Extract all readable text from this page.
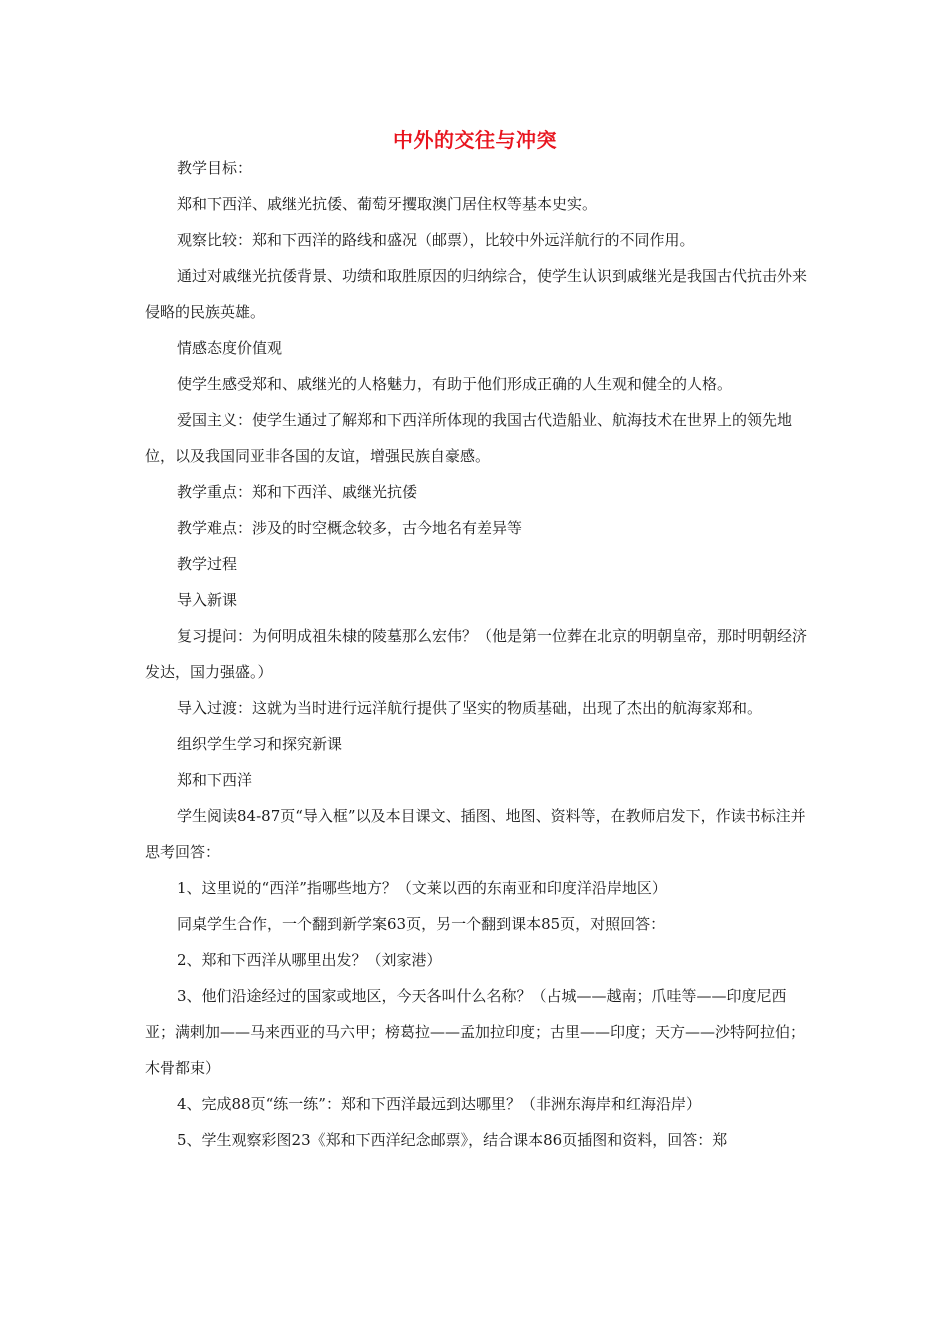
中外的交往与冲突

教学目标：

郑和下西洋、戚继光抗倭、葡萄牙攫取澳门居住权等基本史实。

观察比较：郑和下西洋的路线和盛况（邮票），比较中外远洋航行的不同作用。

通过对戚继光抗倭背景、功绩和取胜原因的归纳综合，使学生认识到戚继光是我国古代抗击外来侵略的民族英雄。

情感态度价值观

使学生感受郑和、戚继光的人格魅力，有助于他们形成正确的人生观和健全的人格。

爱国主义：使学生通过了解郑和下西洋所体现的我国古代造船业、航海技术在世界上的领先地位，以及我国同亚非各国的友谊，增强民族自豪感。

教学重点：郑和下西洋、戚继光抗倭

教学难点：涉及的时空概念较多，古今地名有差异等

教学过程

导入新课

复习提问：为何明成祖朱棣的陵墓那么宏伟？（他是第一位葬在北京的明朝皇帝，那时明朝经济发达，国力强盛。）

导入过渡：这就为当时进行远洋航行提供了坚实的物质基础，出现了杰出的航海家郑和。

组织学生学习和探究新课

郑和下西洋

学生阅读84-87页“导入框”以及本目课文、插图、地图、资料等，在教师启发下，作读书标注并思考回答：

1、这里说的“西洋”指哪些地方？（文莱以西的东南亚和印度洋沿岸地区）

同桌学生合作，一个翻到新学案63页，另一个翻到课本85页，对照回答：

2、郑和下西洋从哪里出发？（刘家港）

3、他们沿途经过的国家或地区，今天各叫什么名称？（占城——越南；爪哇等——印度尼西亚；满剌加——马来西亚的马六甲；榜葛拉——孟加拉印度；古里——印度；天方——沙特阿拉伯；木骨都束）

4、完成88页“练一练”：郑和下西洋最远到达哪里？（非洲东海岸和红海沿岸）

5、学生观察彩图23《郑和下西洋纪念邮票》，结合课本86页插图和资料，回答：郑
